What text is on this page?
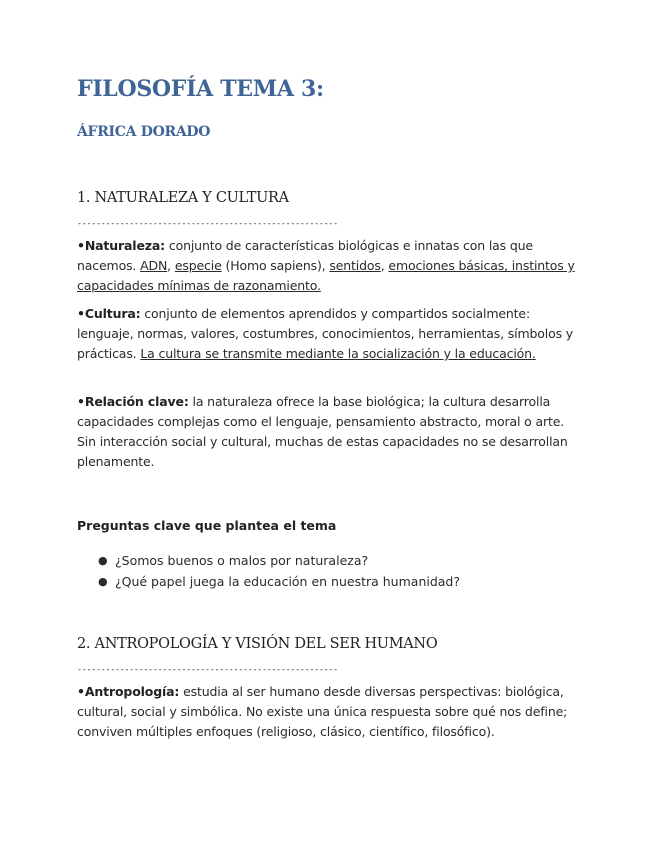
FILOSOFÍA TEMA 3:
ÁFRICA DORADO
1. NATURALEZA Y CULTURA
-------------------------------------------------------

•Naturaleza: conjunto de características biológicas e innatas con las que nacemos. ADN, especie (Homo sapiens), sentidos, emociones básicas, instintos y capacidades mínimas de razonamiento.

•Cultura: conjunto de elementos aprendidos y compartidos socialmente: lenguaje, normas, valores, costumbres, conocimientos, herramientas, símbolos y prácticas. La cultura se transmite mediante la socialización y la educación.

•Relación clave: la naturaleza ofrece la base biológica; la cultura desarrolla capacidades complejas como el lenguaje, pensamiento abstracto, moral o arte. Sin interacción social y cultural, muchas de estas capacidades no se desarrollan plenamente.

Preguntas clave que plantea el tema

● ¿Somos buenos o malos por naturaleza?
● ¿Qué papel juega la educación en nuestra humanidad?
2. ANTROPOLOGÍA Y VISIÓN DEL SER HUMANO
-------------------------------------------------------

•Antropología: estudia al ser humano desde diversas perspectivas: biológica, cultural, social y simbólica. No existe una única respuesta sobre qué nos define; conviven múltiples enfoques (religioso, clásico, científico, filosófico).
